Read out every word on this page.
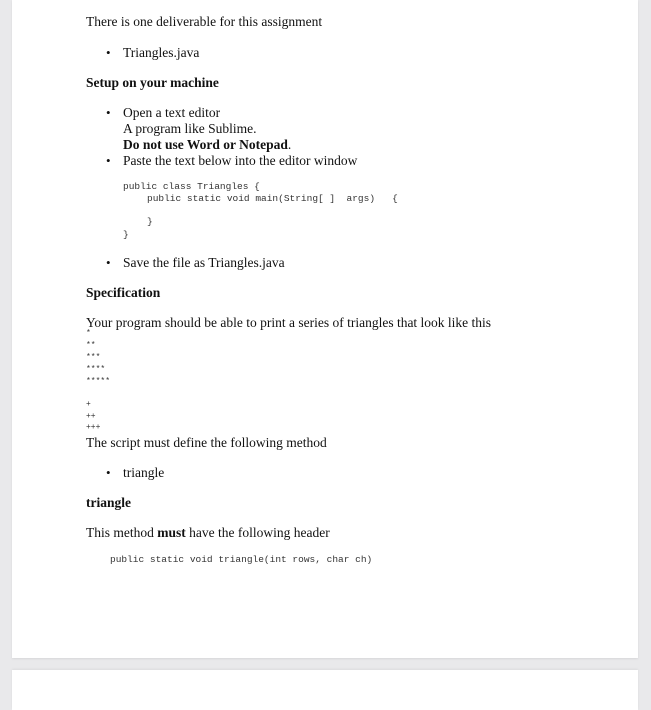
There is one deliverable for this assignment
• Triangles.java
Setup on your machine
• Open a text editor
A program like Sublime.
Do not use Word or Notepad.
• Paste the text below into the editor window
public class Triangles {
public static void main(String[ ]  args)   {
}
}
• Save the file as Triangles.java
Specification
Your program should be able to print a series of triangles that look like this
*
**
***
****
*****
+
++
+++
The script must define the following method
• triangle
triangle
This method must have the following header
public static void triangle(int rows, char ch)
